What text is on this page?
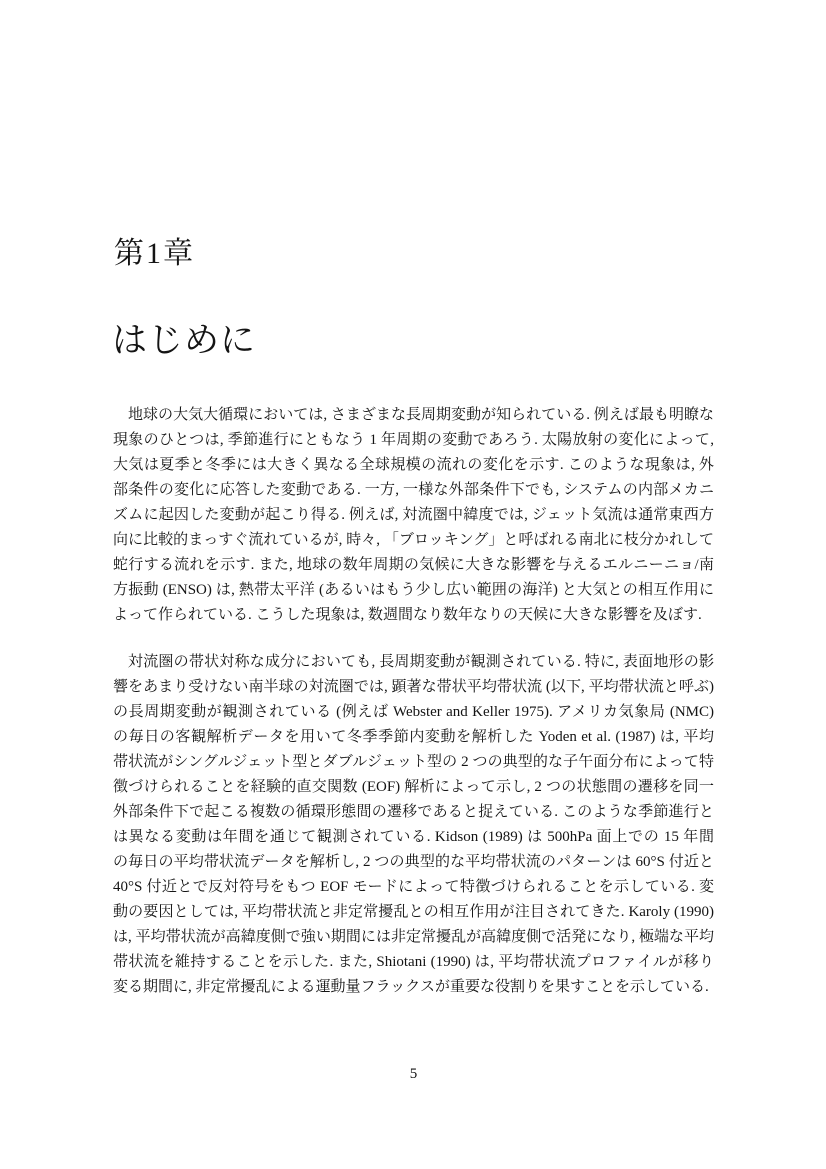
第1章
はじめに
地球の大気大循環においては, さまざまな長周期変動が知られている. 例えば最も明瞭な
現象のひとつは, 季節進行にともなう 1 年周期の変動であろう. 太陽放射の変化によって,
大気は夏季と冬季には大きく異なる全球規模の流れの変化を示す. このような現象は, 外
部条件の変化に応答した変動である. 一方, 一様な外部条件下でも, システムの内部メカニ
ズムに起因した変動が起こり得る. 例えば, 対流圏中緯度では, ジェット気流は通常東西方
向に比較的まっすぐ流れているが, 時々, 「ブロッキング」と呼ばれる南北に枝分かれして
蛇行する流れを示す. また, 地球の数年周期の気候に大きな影響を与えるエルニーニョ/南
方振動 (ENSO) は, 熱帯太平洋 (あるいはもう少し広い範囲の海洋) と大気との相互作用に
よって作られている. こうした現象は, 数週間なり数年なりの天候に大きな影響を及ぼす.
対流圏の帯状対称な成分においても, 長周期変動が観測されている. 特に, 表面地形の影
響をあまり受けない南半球の対流圏では, 顕著な帯状平均帯状流 (以下, 平均帯状流と呼ぶ)
の長周期変動が観測されている (例えば Webster and Keller 1975). アメリカ気象局 (NMC)
の毎日の客観解析データを用いて冬季季節内変動を解析した Yoden et al. (1987) は, 平均
帯状流がシングルジェット型とダブルジェット型の 2 つの典型的な子午面分布によって特
徴づけられることを経験的直交関数 (EOF) 解析によって示し, 2 つの状態間の遷移を同一
外部条件下で起こる複数の循環形態間の遷移であると捉えている. このような季節進行と
は異なる変動は年間を通じて観測されている. Kidson (1989) は 500hPa 面上での 15 年間
の毎日の平均帯状流データを解析し, 2 つの典型的な平均帯状流のパターンは 60°S 付近と
40°S 付近とで反対符号をもつ EOF モードによって特徴づけられることを示している. 変
動の要因としては, 平均帯状流と非定常擾乱との相互作用が注目されてきた. Karoly (1990)
は, 平均帯状流が高緯度側で強い期間には非定常擾乱が高緯度側で活発になり, 極端な平均
帯状流を維持することを示した. また, Shiotani (1990) は, 平均帯状流プロファイルが移り
変る期間に, 非定常擾乱による運動量フラックスが重要な役割りを果すことを示している.
5
